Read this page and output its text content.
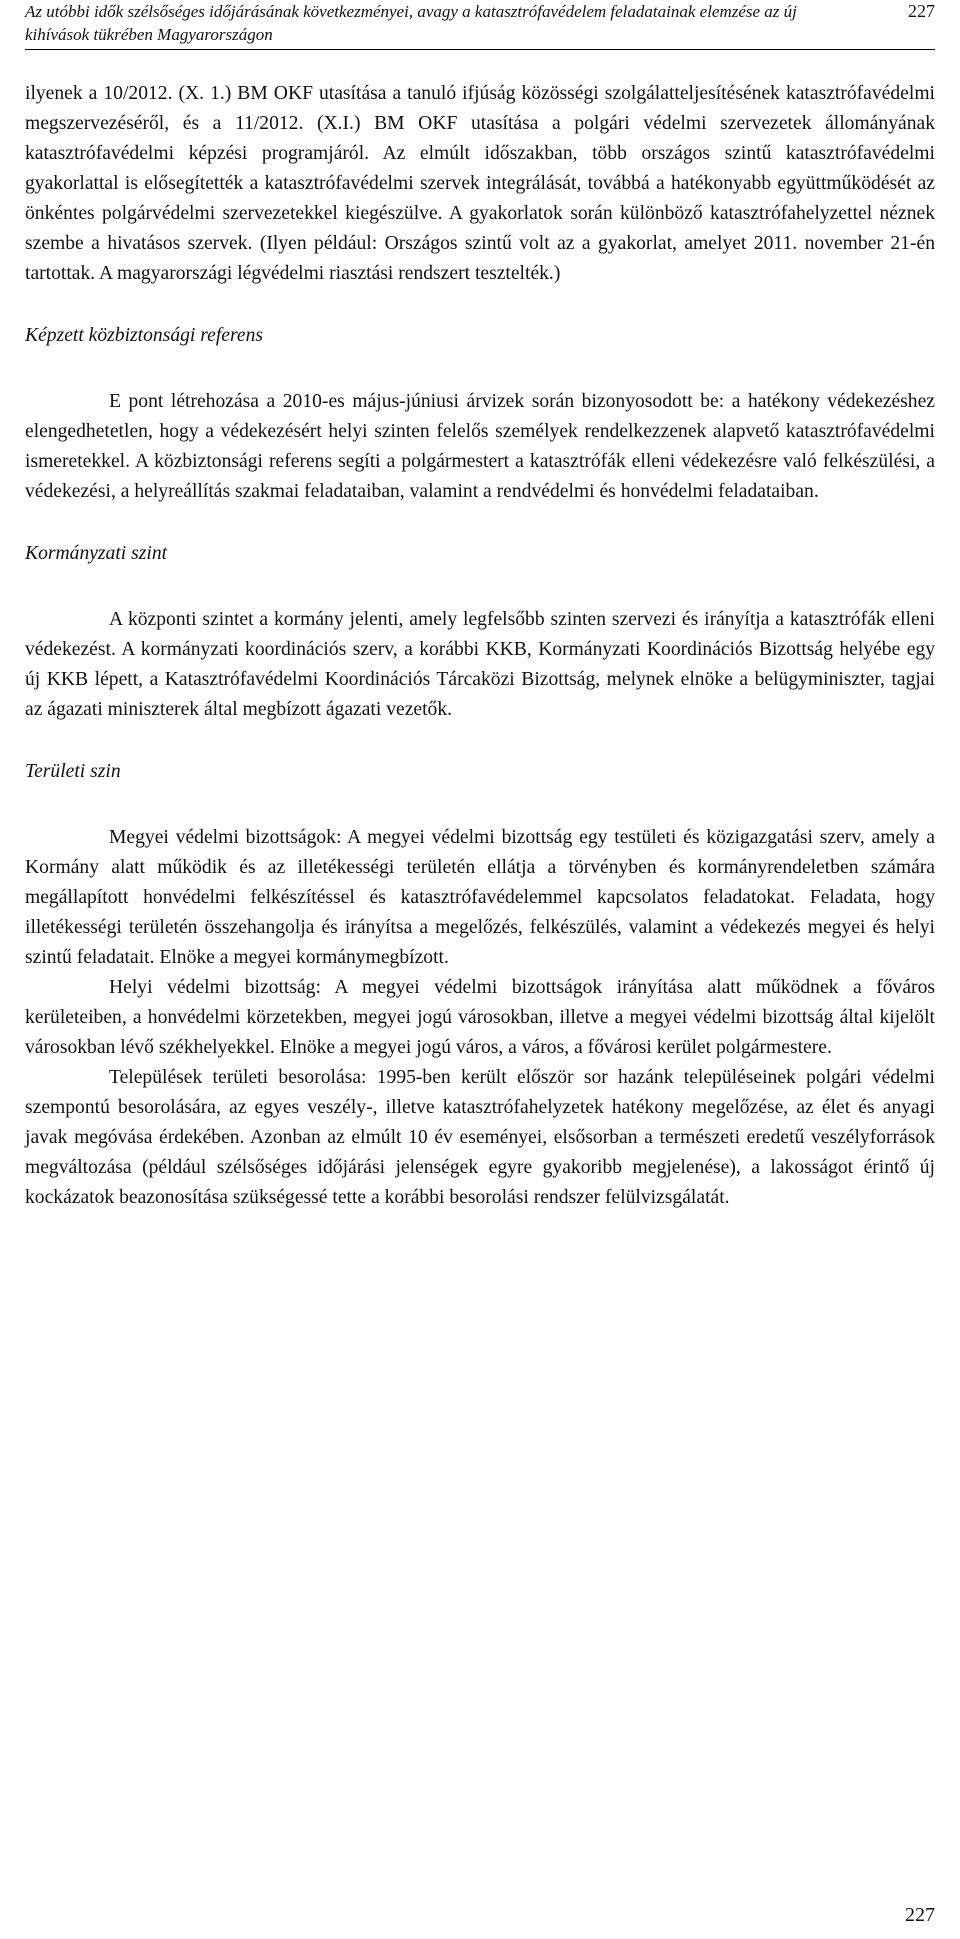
Az utóbbi idők szélsőséges időjárásának következményei, avagy a katasztrófavédelem feladatainak elemzése az új kihívások tükrében Magyarországon
227

ilyenek a 10/2012. (X. 1.) BM OKF utasítása a tanuló ifjúság közösségi szolgálatteljesítésének katasztrófavédelmi megszervezéséről, és a 11/2012. (X.I.) BM OKF utasítása a polgári védelmi szervezetek állományának katasztrófavédelmi képzési programjáról. Az elmúlt időszakban, több országos szintű katasztrófavédelmi gyakorlattal is elősegítették a katasztrófavédelmi szervek integrálását, továbbá a hatékonyabb együttműködését az önkéntes polgárvédelmi szervezetekkel kiegészülve. A gyakorlatok során különböző katasztrófahelyzettel néznek szembe a hivatásos szervek. (Ilyen például: Országos szintű volt az a gyakorlat, amelyet 2011. november 21-én tartottak. A magyarországi légvédelmi riasztási rendszert tesztelték.)

Képzett közbiztonsági referens

E pont létrehozása a 2010-es május-júniusi árvizek során bizonyosodott be: a hatékony védekezéshez elengedhetetlen, hogy a védekezésért helyi szinten felelős személyek rendelkezzenek alapvető katasztrófavédelmi ismeretekkel. A közbiztonsági referens segíti a polgármestert a katasztrófák elleni védekezésre való felkészülési, a védekezési, a helyreállítás szakmai feladataiban, valamint a rendvédelmi és honvédelmi feladataiban.

Kormányzati szint

A központi szintet a kormány jelenti, amely legfelsőbb szinten szervezi és irányítja a katasztrófák elleni védekezést. A kormányzati koordinációs szerv, a korábbi KKB, Kormányzati Koordinációs Bizottság helyébe egy új KKB lépett, a Katasztrófavédelmi Koordinációs Tárcaközi Bizottság, melynek elnöke a belügyminiszter, tagjai az ágazati miniszterek által megbízott ágazati vezetők.

Területi szin

Megyei védelmi bizottságok: A megyei védelmi bizottság egy testületi és közigazgatási szerv, amely a Kormány alatt működik és az illetékességi területén ellátja a törvényben és kormányrendeletben számára megállapított honvédelmi felkészítéssel és katasztrófavédelemmel kapcsolatos feladatokat. Feladata, hogy illetékességi területén összehangolja és irányítsa a megelőzés, felkészülés, valamint a védekezés megyei és helyi szintű feladatait. Elnöke a megyei kormánymegbízott.

Helyi védelmi bizottság: A megyei védelmi bizottságok irányítása alatt működnek a főváros kerületeiben, a honvédelmi körzetekben, megyei jogú városokban, illetve a megyei védelmi bizottság által kijelölt városokban lévő székhelyekkel. Elnöke a megyei jogú város, a város, a fővárosi kerület polgármestere.

Települések területi besorolása: 1995-ben került először sor hazánk településeinek polgári védelmi szempontú besorolására, az egyes veszély-, illetve katasztrófahelyzetek hatékony megelőzése, az élet és anyagi javak megóvása érdekében. Azonban az elmúlt 10 év eseményei, elsősorban a természeti eredetű veszélyforrások megváltozása (például szélsőséges időjárási jelenségek egyre gyakoribb megjelenése), a lakosságot érintő új kockázatok beazonosítása szükségessé tette a korábbi besorolási rendszer felülvizsgálatát.

227
